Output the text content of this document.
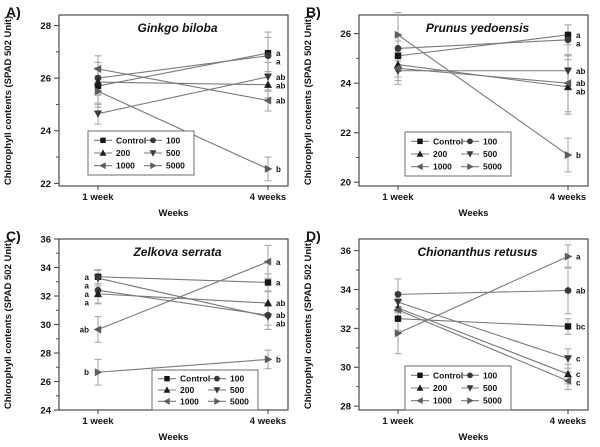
22
24
26
28
1 week	4 weeks
Weeks
Chlorophyll contents (SPAD 502 Unit)
A)
Ginkgo biloba
a
a
ab
ab
ab
b
Control
200
1000
100
500
5000
20
22
24
26
1 week	4 weeks
Weeks
Chlorophyll contents (SPAD 502 Unit)
B)
Prunus yedoensis
a
a
ab
ab
ab
b
Control
200
1000
100
500
5000
24
26
28
30
32
34
36
1 week	4 weeks
Weeks
Chlorophyll contents (SPAD 502 Unit)
C)
Zelkova serrata
a
a
a
a
ab
b
a
a
ab
ab
ab
b
Control
200
1000
100
500
5000
28
30
32
34
36
1 week	4 weeks
Weeks
Chlorophyll contents (SPAD 502 Unit)
D)
Chionanthus retusus	a
ab
bc
c
c
c
Control
200
1000
100
500
5000
